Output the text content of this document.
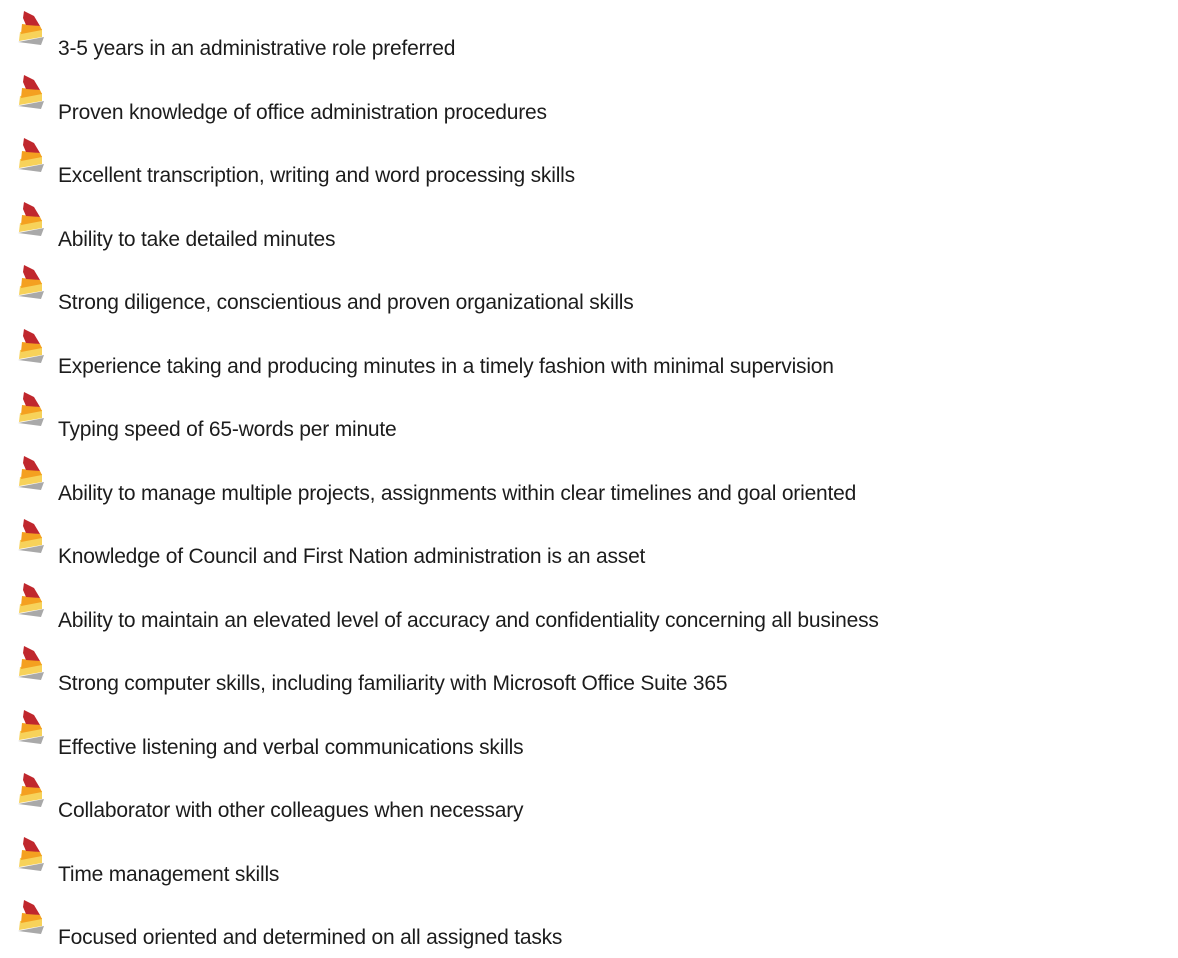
3-5 years in an administrative role preferred
Proven knowledge of office administration procedures
Excellent transcription, writing and word processing skills
Ability to take detailed minutes
Strong diligence, conscientious and proven organizational skills
Experience taking and producing minutes in a timely fashion with minimal supervision
Typing speed of 65-words per minute
Ability to manage multiple projects, assignments within clear timelines and goal oriented
Knowledge of Council and First Nation administration is an asset
Ability to maintain an elevated level of accuracy and confidentiality concerning all business
Strong computer skills, including familiarity with Microsoft Office Suite 365
Effective listening and verbal communications skills
Collaborator with other colleagues when necessary
Time management skills
Focused oriented and determined on all assigned tasks
